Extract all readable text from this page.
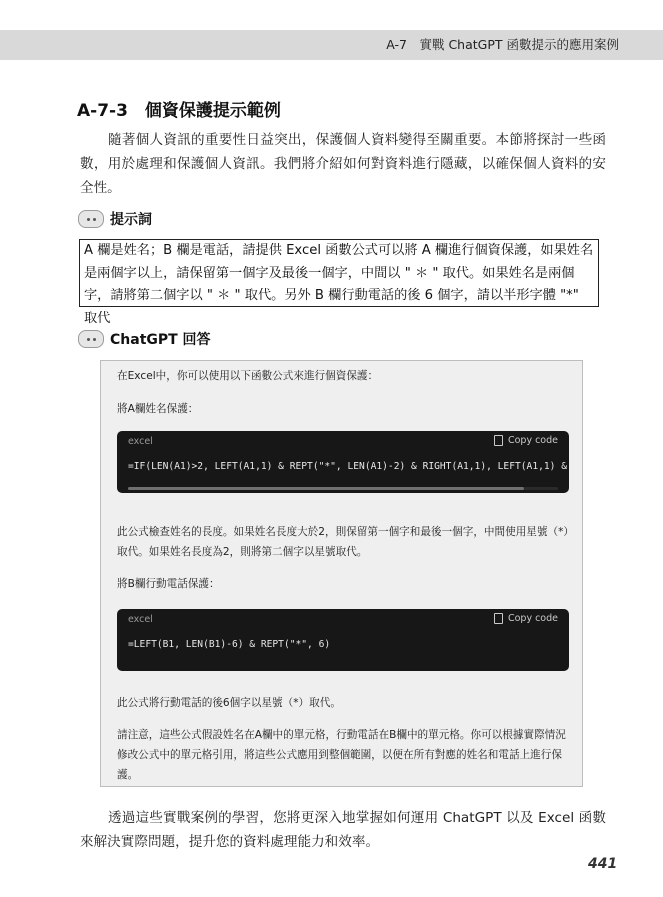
A-7　實戰 ChatGPT 函數提示的應用案例
A-7-3　個資保護提示範例
隨著個人資訊的重要性日益突出，保護個人資料變得至關重要。本節將探討一些函數，用於處理和保護個人資訊。我們將介紹如何對資料進行隱藏，以確保個人資料的安全性。
提示詞
A 欄是姓名；B 欄是電話，請提供 Excel 函數公式可以將 A 欄進行個資保護，如果姓名是兩個字以上，請保留第一個字及最後一個字，中間以 " ＊ " 取代。如果姓名是兩個字，請將第二個字以 " ＊ " 取代。另外 B 欄行動電話的後 6 個字，請以半形字體 "*" 取代
ChatGPT 回答
在Excel中，你可以使用以下函數公式來進行個資保護：
將A欄姓名保護：
excel	Copy code
=IF(LEN(A1)>2, LEFT(A1,1) & REPT("*", LEN(A1)-2) & RIGHT(A1,1), LEFT(A1,1) &
此公式檢查姓名的長度。如果姓名長度大於2，則保留第一個字和最後一個字，中間使用星號（*）取代。如果姓名長度為2，則將第二個字以星號取代。
將B欄行動電話保護：
excel	Copy code
=LEFT(B1, LEN(B1)-6) & REPT("*", 6)
此公式將行動電話的後6個字以星號（*）取代。
請注意，這些公式假設姓名在A欄中的單元格，行動電話在B欄中的單元格。你可以根據實際情況修改公式中的單元格引用，將這些公式應用到整個範圍，以便在所有對應的姓名和電話上進行保護。
透過這些實戰案例的學習，您將更深入地掌握如何運用 ChatGPT 以及 Excel 函數來解決實際問題，提升您的資料處理能力和效率。
441
